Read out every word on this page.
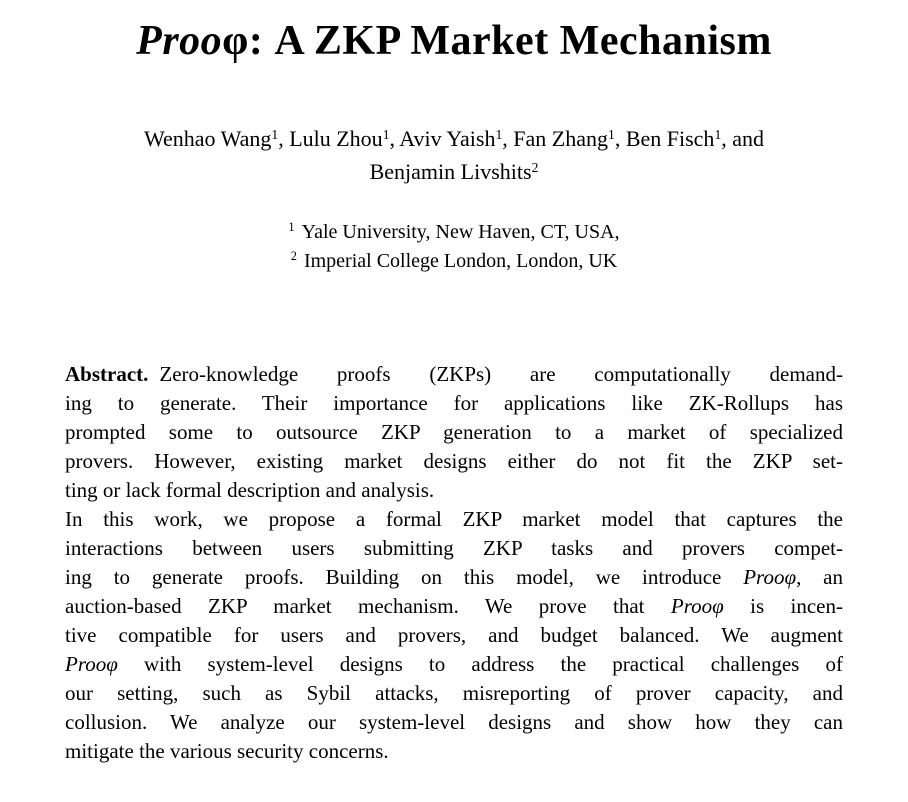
Prooφ: A ZKP Market Mechanism
Wenhao Wang$^1$, Lulu Zhou$^1$, Aviv Yaish$^1$, Fan Zhang$^1$, Ben Fisch$^1$, and
Benjamin Livshits$^2$
$^1$ Yale University, New Haven, CT, USA,
$^2$ Imperial College London, London, UK
Abstract. Zero-knowledge proofs (ZKPs) are computationally demand-
ing to generate. Their importance for applications like ZK-Rollups has
prompted some to outsource ZKP generation to a market of specialized
provers. However, existing market designs either do not fit the ZKP set-
ting or lack formal description and analysis.
In this work, we propose a formal ZKP market model that captures the
interactions between users submitting ZKP tasks and provers compet-
ing to generate proofs. Building on this model, we introduce Prooφ, an
auction-based ZKP market mechanism. We prove that Prooφ is incen-
tive compatible for users and provers, and budget balanced. We augment
Prooφ with system-level designs to address the practical challenges of
our setting, such as Sybil attacks, misreporting of prover capacity, and
collusion. We analyze our system-level designs and show how they can
mitigate the various security concerns.
